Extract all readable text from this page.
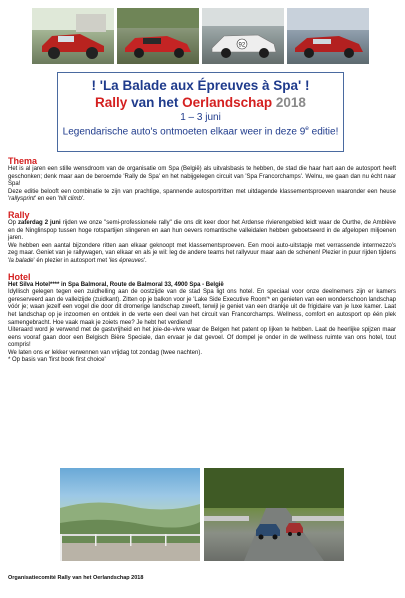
92
! 'La Balade aux Épreuves à Spa' !
Rally van het Oerlandschap 2018
1 – 3 juni
Legendarische auto's ontmoeten elkaar weer in deze 9e editie!
Thema

Het is al jaren een stille wensdroom van de organisatie om Spa (België) als uitvalsbasis te hebben, de stad die haar hart aan de autosport heeft geschonken; denk maar aan de beroemde 'Rally de Spa' en het nabijgelegen circuit van 'Spa Francorchamps'. Welnu, we gaan dan nu écht naar Spa!

Deze editie belooft een combinatie te zijn van prachtige, spannende autosportritten met uitdagende klassementsproeven waaronder een heuse 'rallysprint' en een 'hill climb'.

Rally

Op zaterdag 2 juni rijden we onze "semi-professionele rally" die ons dit keer door het Ardense rivierengebied leidt waar de Ourthe, de Amblève en de Ninglinspop tussen hoge rotspartijen slingeren en aan hun oevers romantische valleidalen hebben geboetseerd in de afgelopen miljoenen jaren.

We hebben een aantal bijzondere ritten aan elkaar geknoopt met klassementsproeven. Een mooi auto-uitstapje met verrassende intermezzo's zeg maar. Geniet van je rallywagen, van elkaar en als je wil: leg de andere teams het rallyvuur maar aan de schenen! Plezier in puur rijden tijdens 'la balade' én plezier in autosport met 'les épreuves'.

Hotel

Het Silva Hotel**** in Spa Balmoral, Route de Balmoral 33, 4900 Spa - België

Idyllisch gelegen tegen een zuidhelling aan de oostzijde van de stad Spa ligt ons hotel. En speciaal voor onze deelnemers zijn er kamers gereserveerd aan de valleizijde (zuidkant). Zitten op je balkon voor je 'Lake Side Executive Room'* en genieten van een wonderschoon landschap vóór je; waan jezelf een vogel die door dit dromerige landschap zweeft, terwijl je geniet van een drankje uit de frigidaire van je luxe kamer. Laat het landschap op je inzoomen en ontdek in de verte een deel van het circuit van Francorchamps. Wellness, comfort en autosport op één plek samengebracht. Hoe vaak maak je zoiets mee? Je hebt het verdiend!

Uiteraard word je verwend met de gastvrijheid en het joie-de-vivre waar de Belgen het patent op lijken te hebben. Laat de heerlijke spijzen maar eens vooraf gaan door een Belgisch Bière Speciale, dan ervaar je dat gevoel. Of dompel je onder in de wellness ruimte van ons hotel, tout compris!

We laten ons er lekker verwennen van vrijdag tot zondag (twee nachten).

* Op basis van 'first book first choice'

Organisatiecomité Rally van het Oerlandschap 2018
